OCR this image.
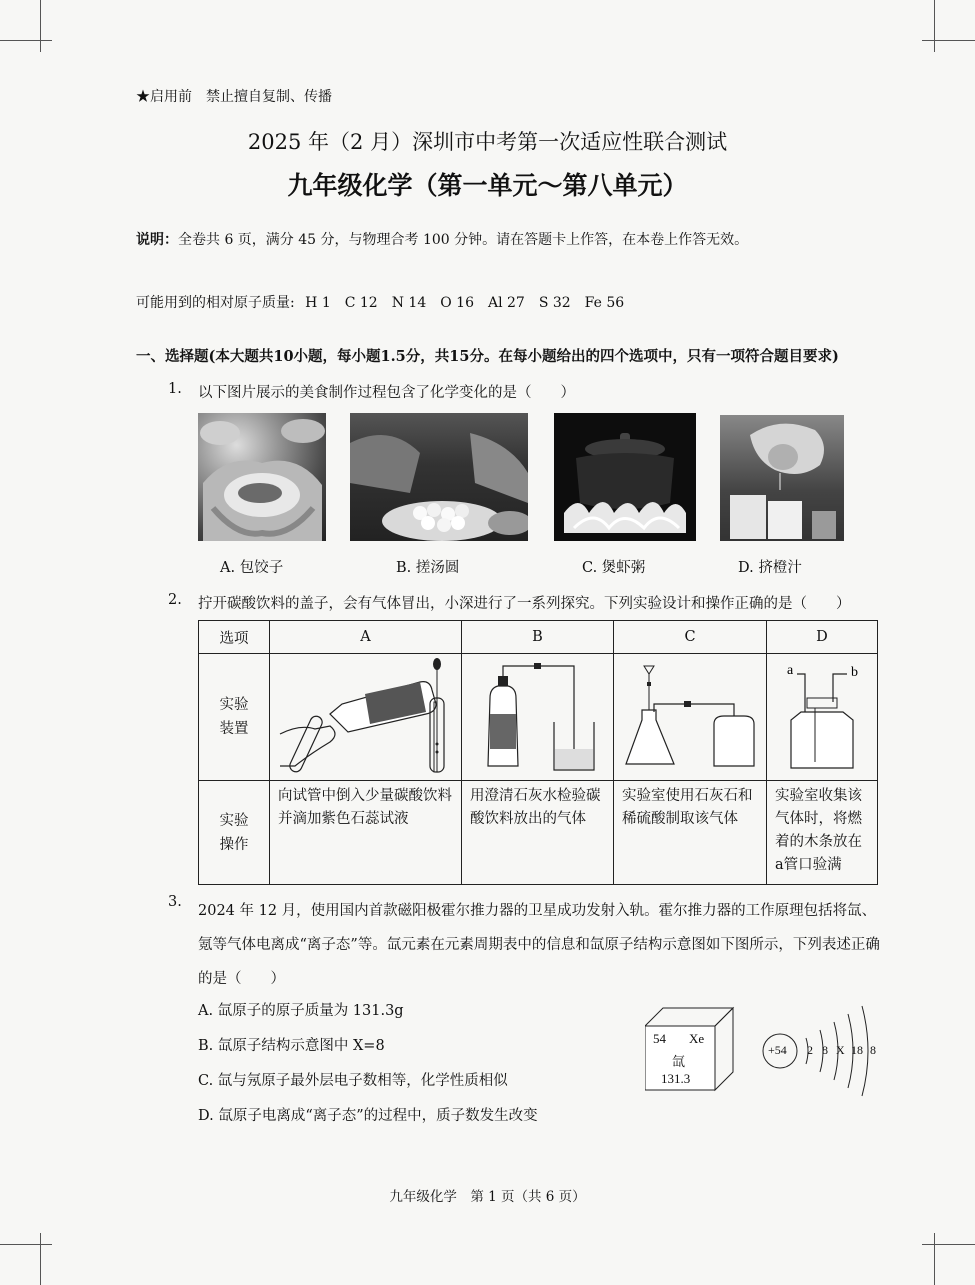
★启用前　禁止擅自复制、传播
2025 年（2 月）深圳市中考第一次适应性联合测试
九年级化学（第一单元～第八单元）
说明：全卷共 6 页，满分 45 分，与物理合考 100 分钟。请在答题卡上作答，在本卷上作答无效。
可能用到的相对原子质量: H 1　C 12　N 14　O 16　Al 27　S 32　Fe 56
一、选择题(本大题共10小题，每小题1.5分，共15分。在每小题给出的四个选项中，只有一项符合题目要求)
1. 以下图片展示的美食制作过程包含了化学变化的是（　　）
A. 包饺子	B. 搓汤圆	C. 煲虾粥	D. 挤橙汁
2. 拧开碳酸饮料的盖子，会有气体冒出，小深进行了一系列探究。下列实验设计和操作正确的是（　　）
选项	A	B	C	D

实验装置				a b

实验操作	向试管中倒入少量碳酸饮料并滴加紫色石蕊试液	用澄清石灰水检验碳酸饮料放出的气体	实验室使用石灰石和稀硫酸制取该气体	实验室收集该气体时，将燃着的木条放在a管口验满
3.
2024 年 12 月，使用国内首款磁阳极霍尔推力器的卫星成功发射入轨。霍尔推力器的工作原理包括将氙、氪等气体电离成“离子态”等。氙元素在元素周期表中的信息和氙原子结构示意图如下图所示，下列表述正确的是（　　）
A. 氙原子的原子质量为 131.3g
B. 氙原子结构示意图中 X=8
C. 氙与氖原子最外层电子数相等，化学性质相似
D. 氙原子电离成“离子态”的过程中，质子数发生改变
54 Xe
氙
131.3
+54 2 8 X 18 8
九年级化学　第 1 页（共 6 页）
